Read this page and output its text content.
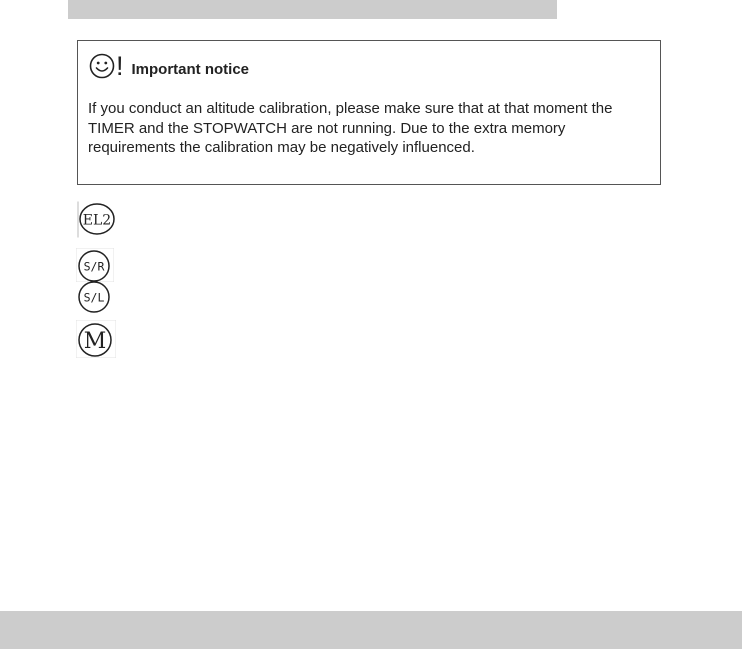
! Important notice
If you conduct an altitude calibration, please make sure that at that moment the TIMER and the STOPWATCH are not running. Due to the extra memory requirements the calibration may be negatively influenced.
EL2
S/R
S/L
M
